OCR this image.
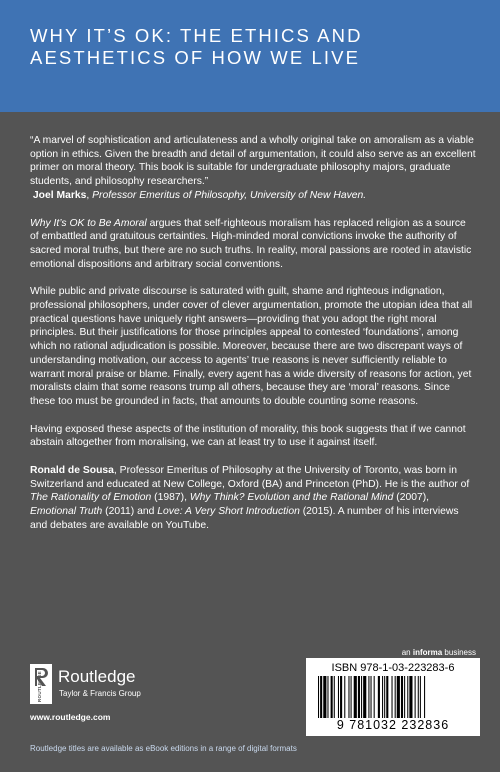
WHY IT’S OK: THE ETHICS AND AESTHETICS OF HOW WE LIVE

“A marvel of sophistication and articulateness and a wholly original take on amoralism as a viable option in ethics. Given the breadth and detail of argumentation, it could also serve as an excellent primer on moral theory. This book is suitable for undergraduate philosophy majors, graduate students, and philosophy researchers.”

Joel Marks, Professor Emeritus of Philosophy, University of New Haven.

Why It’s OK to Be Amoral argues that self-righteous moralism has replaced religion as a source of embattled and gratuitous certainties. High-minded moral convictions invoke the authority of sacred moral truths, but there are no such truths. In reality, moral passions are rooted in atavistic emotional dispositions and arbitrary social conventions.

While public and private discourse is saturated with guilt, shame and righteous indignation, professional philosophers, under cover of clever argumentation, promote the utopian idea that all practical questions have uniquely right answers—providing that you adopt the right moral principles. But their justifications for those principles appeal to contested ‘foundations’, among which no rational adjudication is possible. Moreover, because there are two discrepant ways of understanding motivation, our access to agents’ true reasons is never sufficiently reliable to warrant moral praise or blame. Finally, every agent has a wide diversity of reasons for action, yet moralists claim that some reasons trump all others, because they are ‘moral’ reasons. Since these too must be grounded in facts, that amounts to double counting some reasons.

Having exposed these aspects of the institution of morality, this book suggests that if we cannot abstain altogether from moralising, we can at least try to use it against itself.

Ronald de Sousa, Professor Emeritus of Philosophy at the University of Toronto, was born in Switzerland and educated at New College, Oxford (BA) and Princeton (PhD). He is the author of The Rationality of Emotion (1987), Why Think? Evolution and the Rational Mind (2007), Emotional Truth (2011) and Love: A Very Short Introduction (2015). A number of his interviews and debates are available on YouTube.

an informa business
ROUTLEDGE Routledge
Taylor & Francis Group
www.routledge.com
ISBN 978-1-03-223283-6
9 781032 232836
Routledge titles are available as eBook editions in a range of digital formats
